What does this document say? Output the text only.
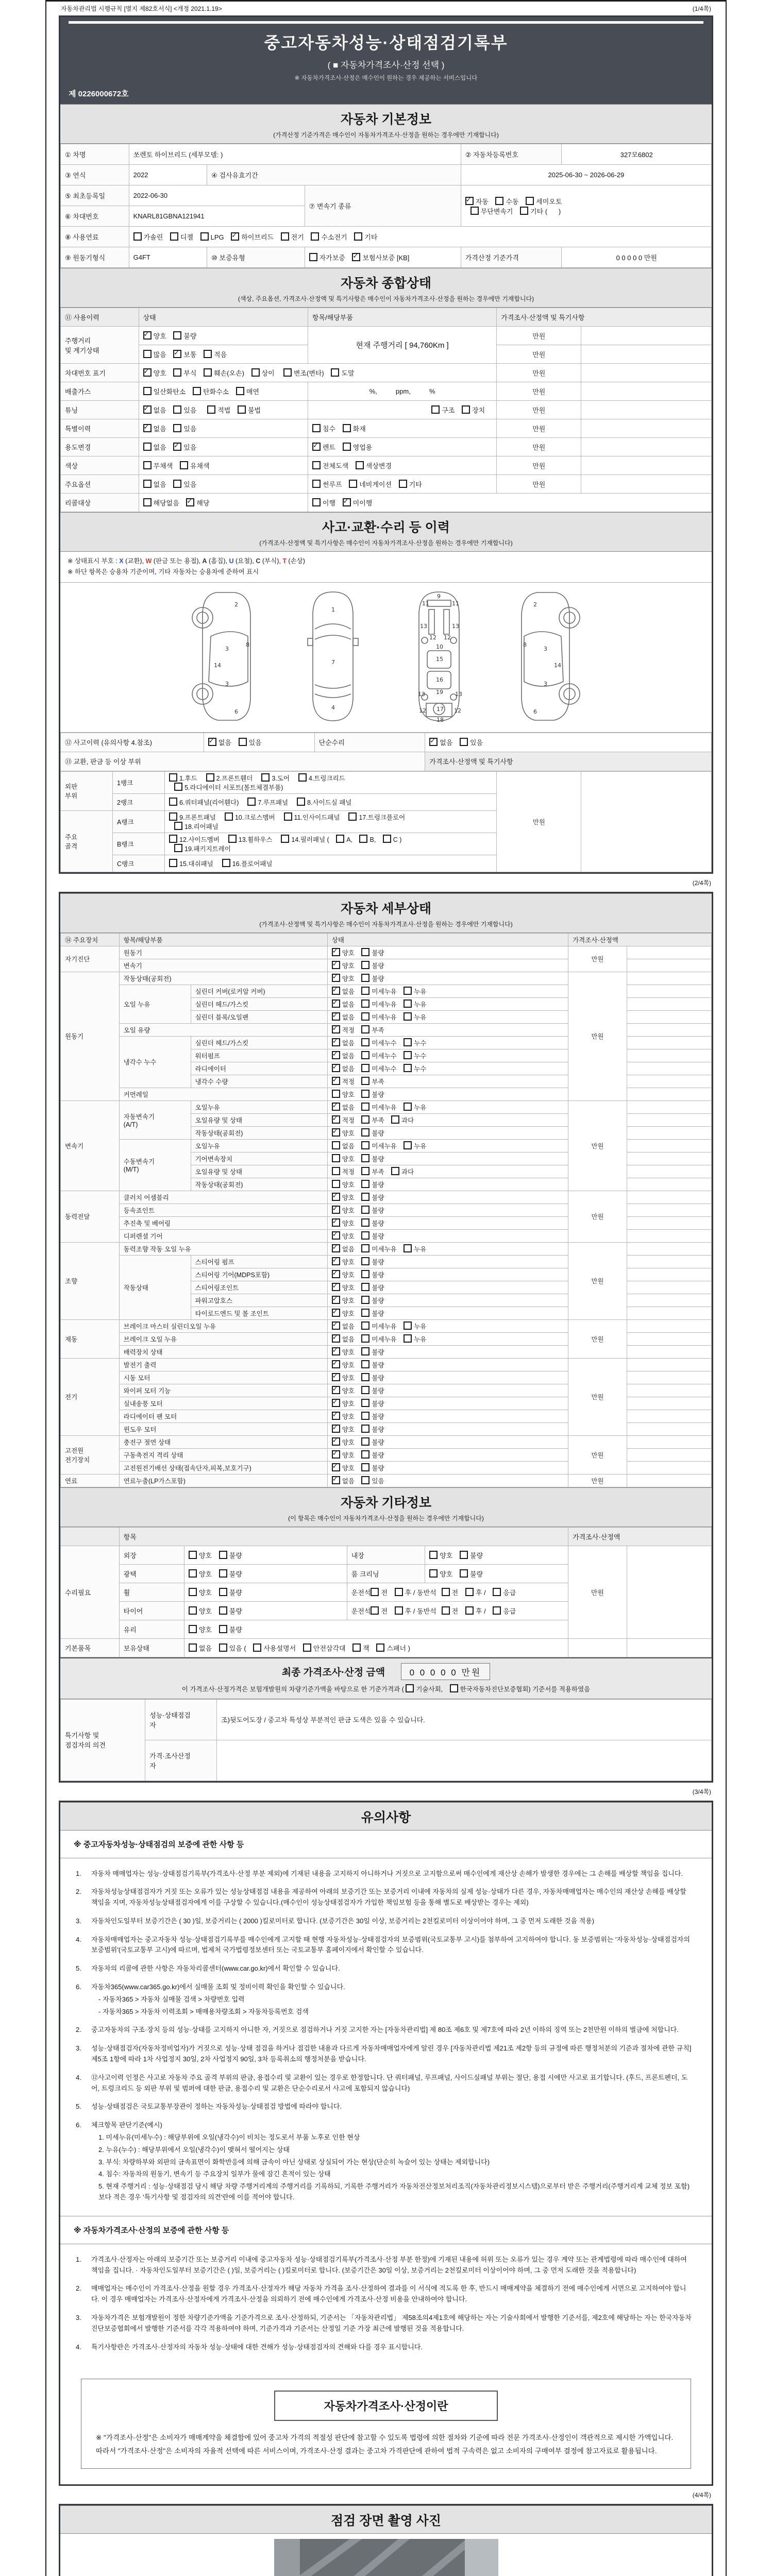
자동차관리법 시행규칙 [별지 제82호서식] <개정 2021.1.19>	(1/4쪽)
중고자동차성능·상태점검기록부
( ■ 자동차가격조사·산정 선택 )
※ 자동차가격조사·산정은 매수인이 원하는 경우 제공하는 서비스입니다
제 0226000672호
자동차 기본정보
(가격산정 기준가격은 매수인이 자동차가격조사·산정을 원하는 경우에만 기재합니다)
① 차명	쏘렌토 하이브리드 (세부모델: )			② 자동차등록번호	327모6802
③ 연식	2022	④ 검사유효기간		2025-06-30 ~ 2026-06-29	
⑤ 최초등록일	2022-06-30		⑦ 변속기 종류	✓자동 수동 세미오토
무단변속기 기타 (      )
⑥ 차대번호	KNARL81GBNA121941				
⑧ 사용연료	가솔린 디젤 LPG ✓하이브리드 전기 수소전기 기타
⑨ 원동기형식	G4FT	⑩ 보증유형	자가보증 ✓보험사보증 [KB]	가격산정 기준가격	0 0 0 0 0 만원
자동차 종합상태
(색상, 주요옵션, 가격조사·산정액 및 특기사항은 매수인이 자동차가격조사·산정을 원하는 경우에만 기재합니다)
⑪ 사용이력	상태	항목/해당부품	가격조사·산정액 및 특기사항	
주행거리
및 계기상태	✓양호 불량	현재 주행거리 [ 94,760Km ]	만원	
	많음 ✓보통 적음		만원	
차대번호 표기	✓양호 부식 훼손(오손) 상이  변조(변타) 도말		만원	
배출가스	일산화탄소 탄화수소 매연	%,          ppm,          %	만원	
튜닝	✓없음 있음   적법 불법	구조 장치	만원	
특별이력	✓없음 있음	침수 화재	만원	
용도변경	없음 ✓있음	✓렌트 영업용	만원	
색상	무채색 유채색	전체도색 색상변경	만원	
주요옵션	없음 있음	썬루프 네비게이션 기타	만원	
리콜대상	해당없음 ✓해당	이행 ✓미이행
사고·교환·수리 등 이력
(가격조사·산정액 및 특기사항은 매수인이 자동차가격조사·산정을 원하는 경우에만 기재합니다)
※ 상태표시 부호 : X (교환), W (판금 또는 용접), A (흠집), U (요철), C (부식), T (손상)
※ 하단 항목은 승용차 기준이며, 기타 자동차는 승용차에 준하여 표시
2
8
3
14
3
6
1
7
4
9
11	11
13	13
12 12
10
15
16
19
13	13
12	12
17
18
2
8
3
14
3
6
⑫ 사고이력 (유의사항 4.참조)	✓없음 있음	단순수리	✓없음 있음
⑬ 교환, 판금 등 이상 부위			가격조사·산정액 및 특기사항
외판
부위	1랭크	1.후드  2.프론트휀더  3.도어  4.트렁크리드
5.라디에이터 서포트(볼트체결부품)	만원	
	2랭크	6.쿼터패널(리어휀다)  7.루프패널  8.사이드실 패널		
주요
골격	A랭크	9.프론트패널  10.크로스멤버  11.인사이드패널  17.트렁크플로어
18.리어패널		
	B랭크	12.사이드멤버  13.휠하우스  14.필러패널 ( A, B, C )
19.패키지트레이		
	C랭크	15.대쉬패널  16.플로어패널		
(2/4쪽)
자동차 세부상태
(가격조사·산정액 및 특기사항은 매수인이 자동차가격조사·산정을 원하는 경우에만 기재합니다)
⑭ 주요장치	항목/해당부품		상태	가격조사·산정액	
자기진단	원동기	✓양호 불량	만원	
	변속기	✓양호 불량	
원동기	작동상태(공회전)	✓양호 불량	만원	
	오일 누유	실린더 커버(로커암 커버)	✓없음 미세누유 누유	
		실린더 헤드/가스킷	✓없음 미세누유 누유	
		실린더 블록/오일팬	✓없음 미세누유 누유	
	오일 유량	✓적정 부족	
	냉각수 누수	실린더 헤드/가스킷	✓없음 미세누수 누수	
		워터펌프	✓없음 미세누수 누수	
		라디에이터	✓없음 미세누수 누수	
		냉각수 수량	✓적정 부족	
	커먼레일		양호 불량		
변속기	자동변속기
(A/T)	오일누유	✓없음 미세누유 누유	만원	
		오일유량 및 상태	✓적정 부족 과다	
		작동상태(공회전)	✓양호 불량	
	수동변속기
(M/T)	오일누유	없음 미세누유 누유		
		기어변속장치	양호 불량		
		오일유량 및 상태	적정 부족 과다		
		작동상태(공회전)	양호 불량		
동력전달	클러치 어셈블리	✓양호 불량	만원	
	등속죠인트	✓양호 불량	
	추진축 및 베어링	✓양호 불량	
	디퍼렌셜 기어	✓양호 불량	
조향	동력조향 작동 오일 누유	✓없음 미세누유 누유	만원	
	작동상태	스티어링 펌프	✓양호 불량	
		스티어링 기어(MDPS포함)	✓양호 불량	
		스티어링조인트	✓양호 불량	
		파워고압호스	✓양호 불량	
		타이로드엔드 및 볼 조인트	✓양호 불량	
제동	브레이크 마스터 실린더오일 누유	✓없음 미세누유 누유	만원	
	브레이크 오일 누유	✓없음 미세누유 누유	
	배력장치 상태	✓양호 불량	
전기	발전기 출력	✓양호 불량	만원	
	시동 모터	✓양호 불량	
	와이퍼 모터 기능	✓양호 불량	
	실내송풍 모터	✓양호 불량	
	라디에이터 팬 모터	✓양호 불량	
	윈도우 모터	✓양호 불량	
고전원
전기장치	충전구 절연 상태	✓양호 불량	만원	
	구동축전지 격리 상태	✓양호 불량	
	고전원전기배선 상태(접속단자,피복,보호기구)	✓양호 불량	
연료	연료누출(LP가스포함)	✓없음 있음	만원	
자동차 기타정보
(이 항목은 매수인이 자동차가격조사·산정을 원하는 경우에만 기재합니다)
	항목				가격조사·산정액	
수리필요	외장	양호 불량	내장	양호 불량	만원	
	광택	양호 불량	룸 크리닝	양호 불량		
	휠	양호 불량	운전석 전 후 / 동반석 전 후 / 응급			
	타이어	양호 불량	운전석 전 후 / 동반석 전 후 / 응급			
	유리	양호 불량				
기본품목	보유상태	없음 있음 ( 사용설명서 안전삼각대 잭 스패너 )				
최종 가격조사·산정 금액	0 0 0 0 0 만원
이 가격조사·산정가격은 보험개발원의 차량기준가액을 바탕으로 한 기준가격과 ( 기술사회, 한국자동차진단보증협회) 기준서를 적용하였음
특기사항 및
점검자의 의견	성능·상태점검
자	조)뒷도어도장 / 중고차 특성상 부분적인 판금 도색은 있을 수 있습니다.
	가격·조사산정
자	
(3/4쪽)
유의사항
※ 중고자동차성능·상태점검의 보증에 관한 사항 등
1.	자동차 매매업자는 성능·상태점검기록부(가격조사·산정 부분 제외)에 기재된 내용을 고지하지 아니하거나 거짓으로 고지함으로써 매수인에게 재산상 손해가 발생한 경우에는 그 손해를 배상할 책임을 집니다.
2.	자동차성능상태점검자가 거짓 또는 오류가 있는 성능상태점검 내용을 제공하여 아래의 보증기간 또는 보증거리 이내에 자동차의 실제 성능·상태가 다른 경우, 자동차매매업자는 매수인의 재산상 손해를 배상할 책임을 지며, 자동차성능상태점검자에게 이를 구상할 수 있습니다.(매수인이 성능상태점검자가 가입한 책임보험 등을 통해 별도로 배상받는 경우는 제외)
3.	자동차인도일부터 보증기간은 ( 30 )일, 보증거리는 ( 2000 )킬로미터로 합니다. (보증기간은 30일 이상, 보증거리는 2천킬로미터 이상이어야 하며, 그 중 먼저 도래한 것을 적용)
4.	자동차매매업자는 중고자동차 성능·상태점검기록부를 매수인에게 고지할 때 현행 자동차성능·상태점검자의 보증범위(국토교통부 고시)를 첨부하여 고지하여야 합니다. 동 보증범위는 '자동차성능·상태점검자의 보증범위'(국토교통부 고시)에 따르며, 법제처 국가법령정보센터 또는 국토교통부 홈페이지에서 확인할 수 있습니다.
5.	자동차의 리콜에 관한 사항은 자동차리콜센터(www.car.go.kr)에서 확인할 수 있습니다.
6.	자동차365(www.car365.go.kr)에서 실매물 조회 및 정비이력 확인을 확인할 수 있습니다.
- 자동차365 > 자동차 실매물 검색 > 차량번호 입력
- 자동차365 > 자동차 이력조회 > 매매용차량조회 > 자동차등록번호 검색
2.	중고자동차의 구조·장치 등의 성능·상태를 고지하지 아니한 자, 거짓으로 점검하거나 거짓 고지한 자는 [자동차관리법] 제 80조 제6호 및 제7호에 따라 2년 이하의 징역 또는 2천만원 이하의 벌금에 처합니다.
3.	성능·상태점검자(자동차정비업자)가 거짓으로 성능·상태 점검을 하거나 점검한 내용과 다르게 자동차매매업자에게 알린 경우 [자동차관리법 제21조 제2항 등의 규정에 따른 행정처분의 기준과 절차에 관한 규칙] 제5조 1항에 따라 1차 사업정지 30일, 2차 사업정지 90일, 3차 등록취소의 행정처분을 받습니다.
4.	⑫사고이력 인정은 사고로 자동차 주요 골격 부위의 판금, 용접수리 및 교환이 있는 경우로 한정합니다. 단 쿼터패널, 루프패널, 사이드실패널 부위는 절단, 용접 시에만 사고로 표기합니다. (후드, 프론트펜더, 도어, 트렁크리드 등 외판 부위 및 범퍼에 대한 판금, 용접수리 및 교환은 단순수리로서 사고에 포함되지 않습니다)
5.	성능·상태점검은 국토교통부장관이 정하는 자동차성능·상태점검 방법에 따라야 합니다.
6.	체크항목 판단기준(예시)
1. 미세누유(미세누수) : 해당부위에 오일(냉각수)이 비치는 정도로서 부품 노후로 인한 현상
2. 누유(누수) : 해당부위에서 오일(냉각수)이 맺혀서 떨어지는 상태
3. 부식: 차량하부와 외판의 금속표면이 화학반응에 의해 금속이 아닌 상태로 상실되어 가는 현상(단순히 녹슬어 있는 상태는 제외합니다)
4. 침수: 자동차의 원동기, 변속기 등 주요장치 일부가 물에 잠긴 흔적이 있는 상태
5. 현재 주행거리 : 성능·상태점검 당시 해당 차량 주행거리계의 주행거리를 기록하되, 기록한 주행거리가 자동차전산정보처리조직(자동차관리정보시스템)으로부터 받은 주행거리(주행거리계 교체 정보 포함)보다 적은 경우 '특기사항 및 점검자의 의견'란에 이를 적어야 합니다.
※ 자동차가격조사·산정의 보증에 관한 사항 등
1.	가격조사·산정자는 아래의 보증기간 또는 보증거리 이내에 중고자동차 성능·상태점검기록부(가격조사·산정 부분 한정)에 기재된 내용에 허위 또는 오류가 있는 경우 계약 또는 관계법령에 따라 매수인에 대하여 책임을 집니다. · 자동차인도일부터 보증기간은 ( )일, 보증거리는 ( )킬로미터로 합니다. (보증기간은 30일 이상, 보증거리는 2천킬로미터 이상이어야 하며, 그 중 먼저 도래한 것을 적용합니다)
2.	매매업자는 매수인이 가격조사·산정을 원할 경우 가격조사·산정자가 해당 자동차 가격을 조사·산정하여 결과를 이 서식에 적도록 한 후, 반드시 매매계약을 체결하기 전에 매수인에게 서면으로 고지하여야 합니다. 이 경우 매매업자는 가격조사·산정자에게 가격조사·산정을 의뢰하기 전에 매수인에게 가격조사·산정 비용을 안내하여야 합니다.
3.	자동차가격은 보험개발원이 정한 차량기준가액을 기준가격으로 조사·산정하되, 기준서는 「자동차관리법」 제58조의4제1호에 해당하는 자는 기술사회에서 발행한 기준서를, 제2호에 해당하는 자는 한국자동차진단보증협회에서 발행한 기준서를 각각 적용하여야 하며, 기준가격과 기준서는 산정일 기준 가장 최근에 발행된 것을 적용합니다.
4.	특기사항란은 가격조사·산정자의 자동차 성능·상태에 대한 견해가 성능·상태점검자의 견해와 다를 경우 표시합니다.
자동차가격조사·산정이란
※ "가격조사·산정"은 소비자가 매매계약을 체결함에 있어 중고차 가격의 적절성 판단에 참고할 수 있도록 법령에 의한 절차와 기준에 따라 전문 가격조사·산정인이 객관적으로 제시한 가액입니다. 따라서 "가격조사·산정"은 소비자의 자율적 선택에 따른 서비스이며, 가격조사·산정 결과는 중고차 가격판단에 관하여 법적 구속력은 없고 소비자의 구매여부 결정에 참고자료로 활용됩니다.
(4/4쪽)
점검 장면 촬영 사진
